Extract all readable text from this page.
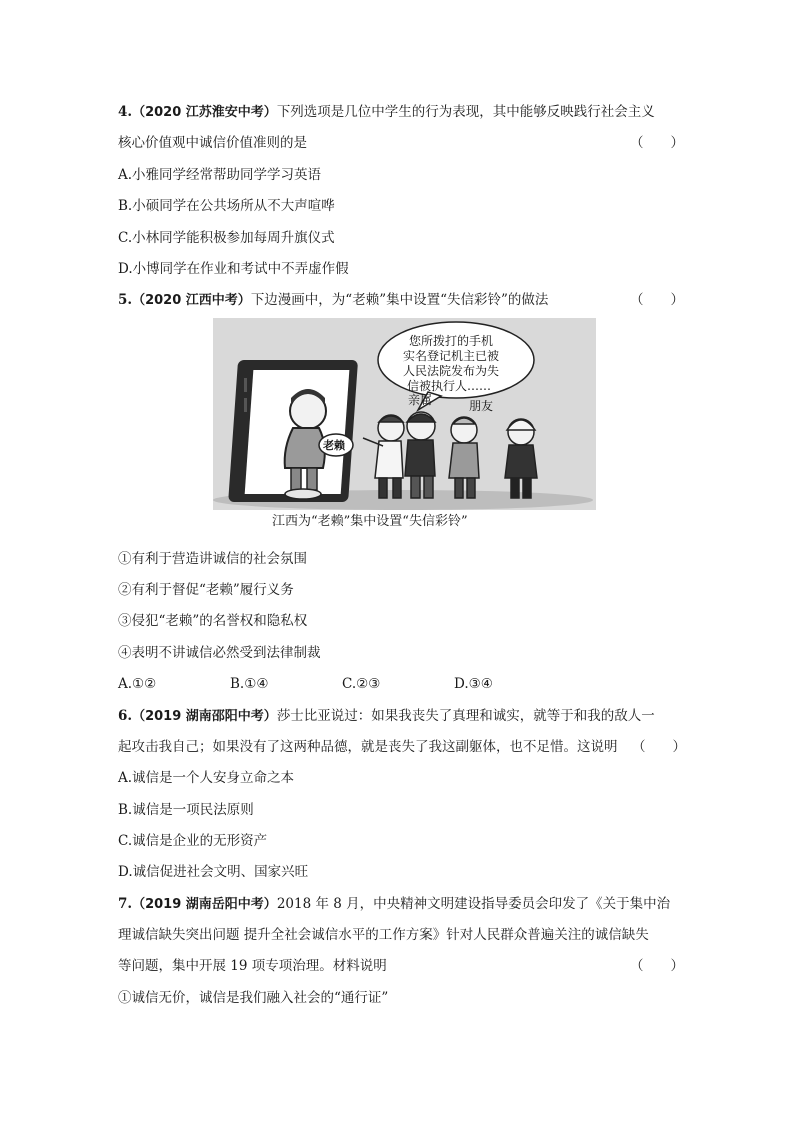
4.（2020 江苏淮安中考）下列选项是几位中学生的行为表现，其中能够反映践行社会主义
核心价值观中诚信价值准则的是	（　　）
A.小雅同学经常帮助同学学习英语
B.小硕同学在公共场所从不大声喧哗
C.小林同学能积极参加每周升旗仪式
D.小博同学在作业和考试中不弄虚作假
5.（2020 江西中考）下边漫画中，为“老赖”集中设置“失信彩铃”的做法	（　　）
老赖
您所拨打的手机
实名登记机主已被
人民法院发布为失
信被执行人……
亲属	朋友
江西为“老赖”集中设置“失信彩铃”
①有利于营造讲诚信的社会氛围
②有利于督促“老赖”履行义务
③侵犯“老赖”的名誉权和隐私权
④表明不讲诚信必然受到法律制裁
A.①②	B.①④	C.②③	D.③④
6.（2019 湖南邵阳中考）莎士比亚说过：如果我丧失了真理和诚实，就等于和我的敌人一
起攻击我自己；如果没有了这两种品德，就是丧失了我这副躯体，也不足惜。这说明 （　　）
A.诚信是一个人安身立命之本
B.诚信是一项民法原则
C.诚信是企业的无形资产
D.诚信促进社会文明、国家兴旺
7.（2019 湖南岳阳中考）2018 年 8 月，中央精神文明建设指导委员会印发了《关于集中治
理诚信缺失突出问题 提升全社会诚信水平的工作方案》针对人民群众普遍关注的诚信缺失
等问题，集中开展 19 项专项治理。材料说明	（　　）
①诚信无价，诚信是我们融入社会的“通行证”
